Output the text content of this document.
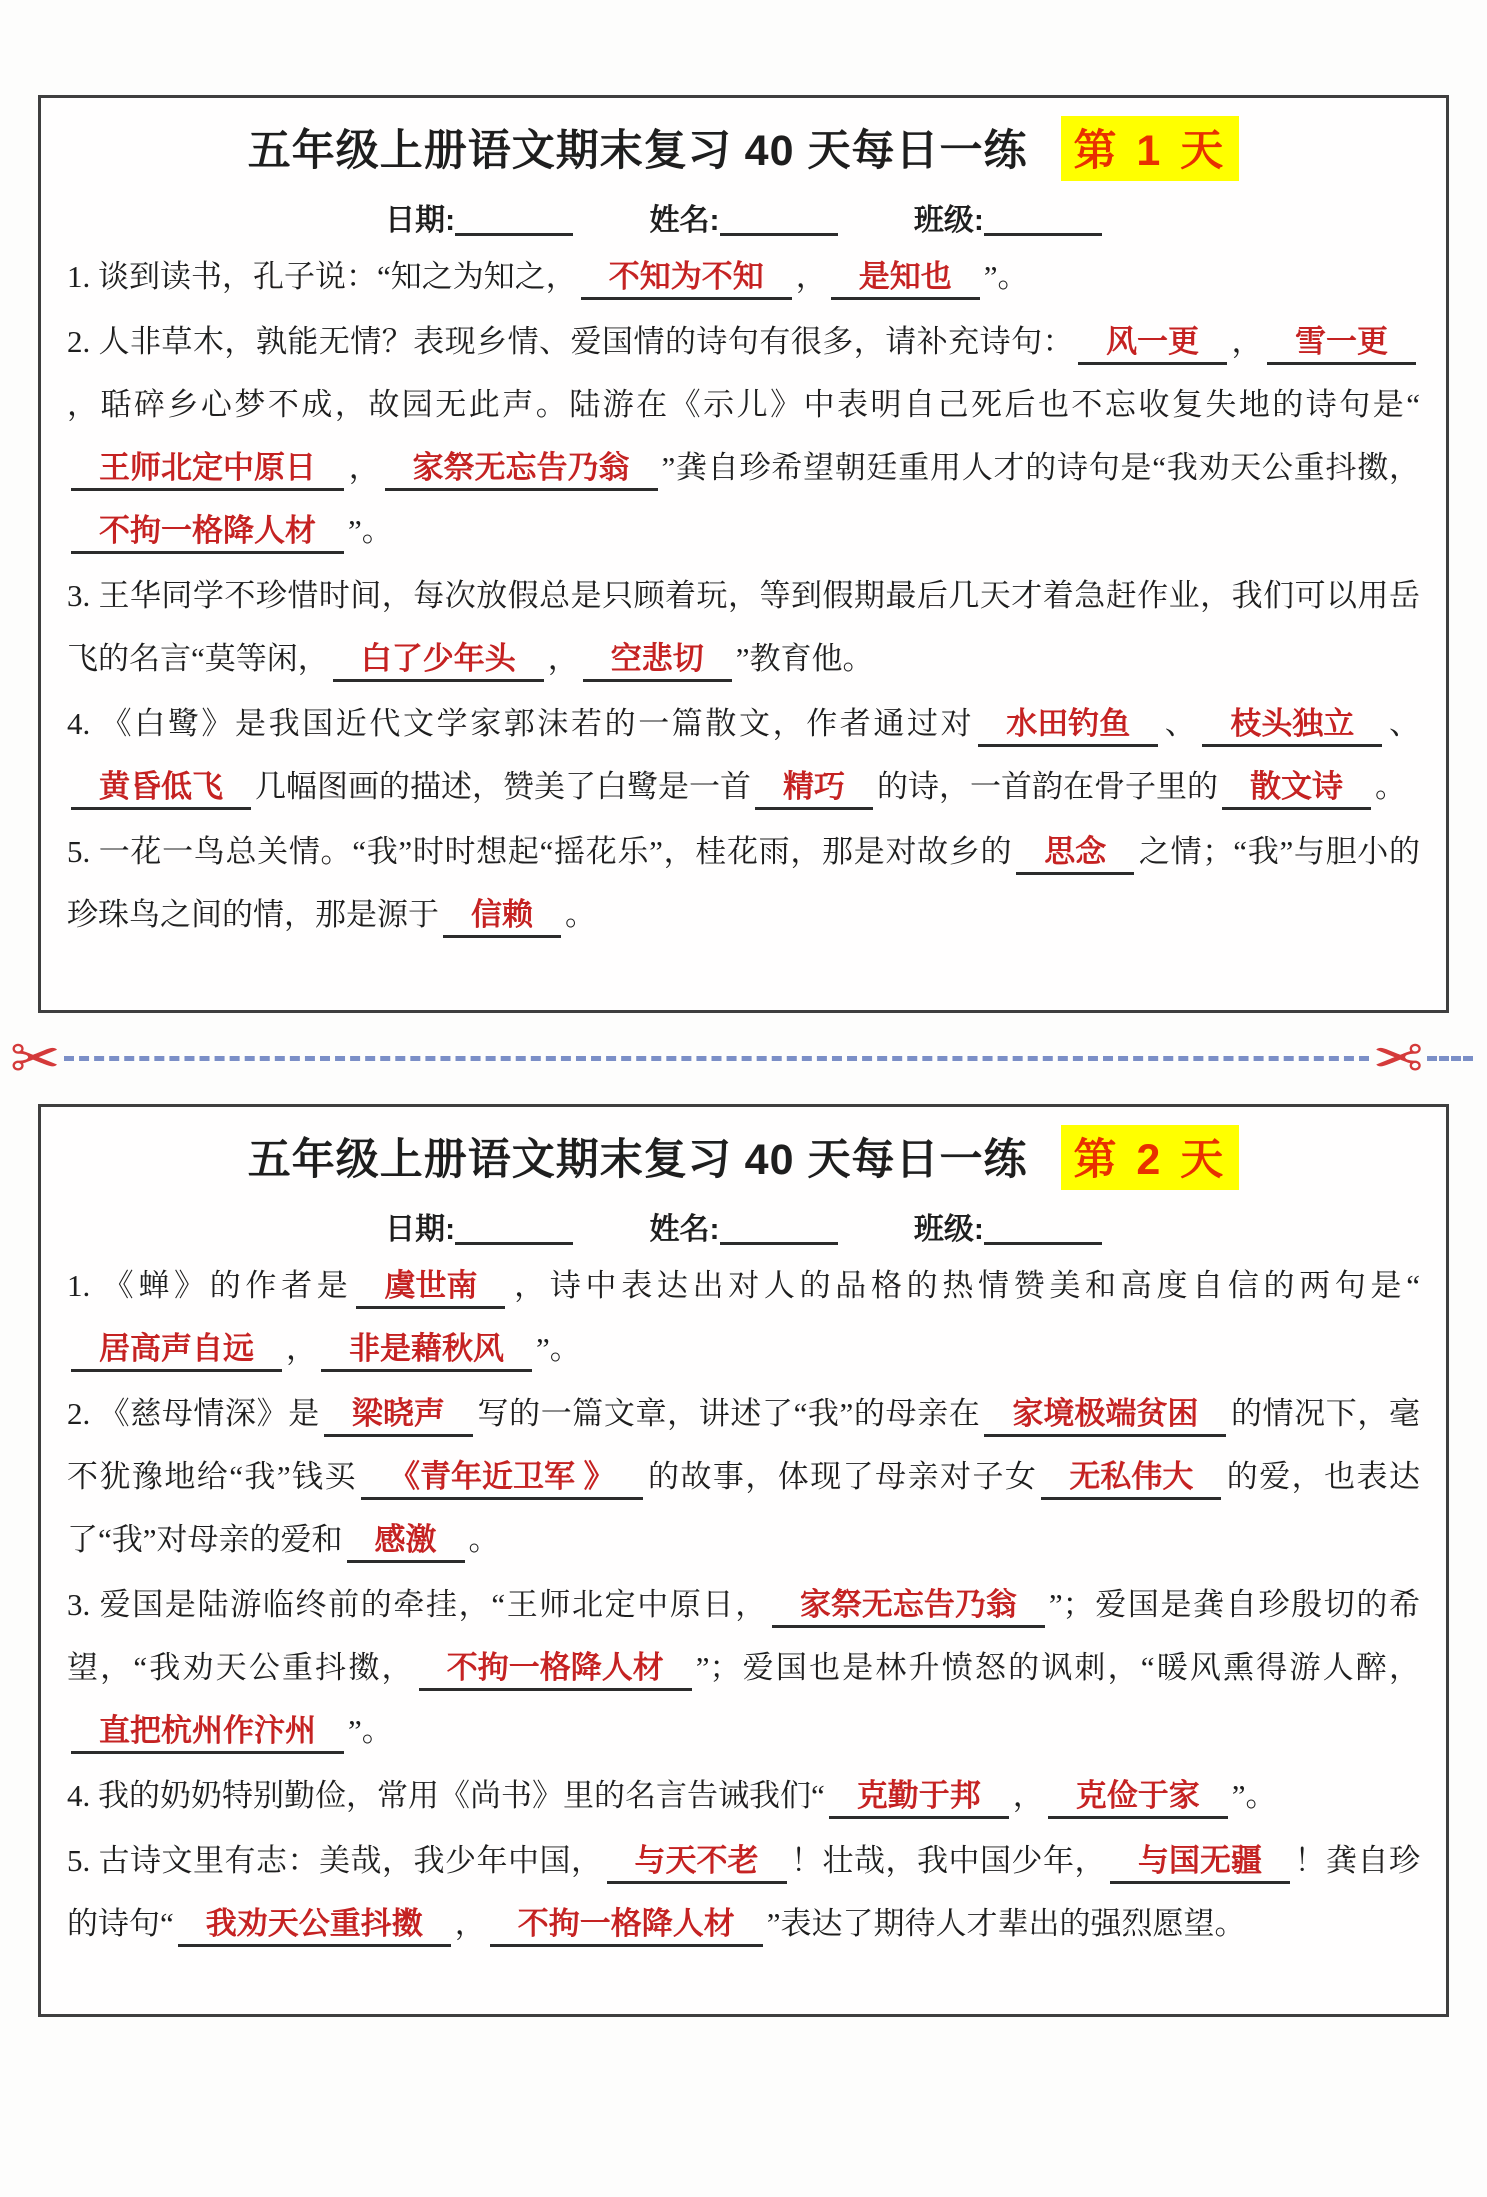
五年级上册语文期末复习 40 天每日一练 第 1 天
日期:	姓名:	班级:

1. 谈到读书，孔子说：“知之为知之， 不知为不知 ， 是知也 ”。

2. 人非草木，孰能无情？表现乡情、爱国情的诗句有很多，请补充诗句： 风一更 ， 雪一更，聒碎乡心梦不成，故园无此声。陆游在《示儿》中表明自己死后也不忘收复失地的诗句是“王师北定中原日 ， 家祭无忘告乃翁 ”龚自珍希望朝廷重用人才的诗句是“我劝天公重抖擞，不拘一格降人材 ”。

3. 王华同学不珍惜时间，每次放假总是只顾着玩，等到假期最后几天才着急赶作业，我们可以用岳飞的名言“莫等闲， 白了少年头 ， 空悲切 ”教育他。

4. 《白鹭》是我国近代文学家郭沫若的一篇散文，作者通过对 水田钓鱼 、 枝头独立 、黄昏低飞 几幅图画的描述，赞美了白鹭是一首 精巧 的诗，一首韵在骨子里的 散文诗 。

5. 一花一鸟总关情。“我”时时想起“摇花乐”，桂花雨，那是对故乡的 思念 之情；“我”与胆小的珍珠鸟之间的情，那是源于 信赖 。

✂	✂
五年级上册语文期末复习 40 天每日一练 第 2 天
日期:	姓名:	班级:

1. 《蝉》的作者是 虞世南 ，诗中表达出对人的品格的热情赞美和高度自信的两句是“居高声自远 ， 非是藉秋风 ”。

2. 《慈母情深》是 梁晓声 写的一篇文章，讲述了“我”的母亲在 家境极端贫困 的情况下，毫不犹豫地给“我”钱买 《青年近卫军 》 的故事，体现了母亲对子女 无私伟大 的爱，也表达了“我”对母亲的爱和 感激 。

3. 爱国是陆游临终前的牵挂，“王师北定中原日， 家祭无忘告乃翁 ”；爱国是龚自珍殷切的希望，“我劝天公重抖擞， 不拘一格降人材 ”；爱国也是林升愤怒的讽刺，“暖风熏得游人醉，直把杭州作汴州 ”。

4. 我的奶奶特别勤俭，常用《尚书》里的名言告诫我们“ 克勤于邦 ， 克俭于家 ”。

5. 古诗文里有志：美哉，我少年中国， 与天不老 ！壮哉，我中国少年， 与国无疆 ！龚自珍的诗句“ 我劝天公重抖擞 ， 不拘一格降人材 ”表达了期待人才辈出的强烈愿望。
